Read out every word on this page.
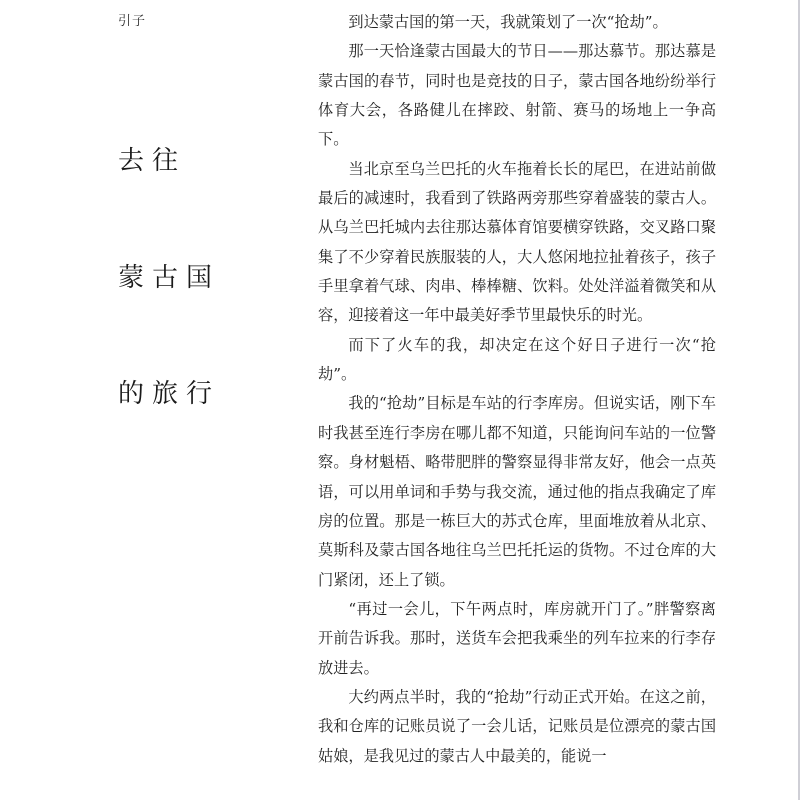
引子
去往
蒙古国
的旅行

到达蒙古国的第一天，我就策划了一次“抢劫”。

那一天恰逢蒙古国最大的节日——那达慕节。那达慕是蒙古国的春节，同时也是竞技的日子，蒙古国各地纷纷举行体育大会，各路健儿在摔跤、射箭、赛马的场地上一争高下。

当北京至乌兰巴托的火车拖着长长的尾巴，在进站前做最后的减速时，我看到了铁路两旁那些穿着盛装的蒙古人。从乌兰巴托城内去往那达慕体育馆要横穿铁路，交叉路口聚集了不少穿着民族服装的人，大人悠闲地拉扯着孩子，孩子手里拿着气球、肉串、棒棒糖、饮料。处处洋溢着微笑和从容，迎接着这一年中最美好季节里最快乐的时光。

而下了火车的我，却决定在这个好日子进行一次“抢劫”。

我的“抢劫”目标是车站的行李库房。但说实话，刚下车时我甚至连行李房在哪儿都不知道，只能询问车站的一位警察。身材魁梧、略带肥胖的警察显得非常友好，他会一点英语，可以用单词和手势与我交流，通过他的指点我确定了库房的位置。那是一栋巨大的苏式仓库，里面堆放着从北京、莫斯科及蒙古国各地往乌兰巴托托运的货物。不过仓库的大门紧闭，还上了锁。

“再过一会儿，下午两点时，库房就开门了。”胖警察离开前告诉我。那时，送货车会把我乘坐的列车拉来的行李存放进去。

大约两点半时，我的“抢劫”行动正式开始。在这之前，我和仓库的记账员说了一会儿话，记账员是位漂亮的蒙古国姑娘，是我见过的蒙古人中最美的，能说一
